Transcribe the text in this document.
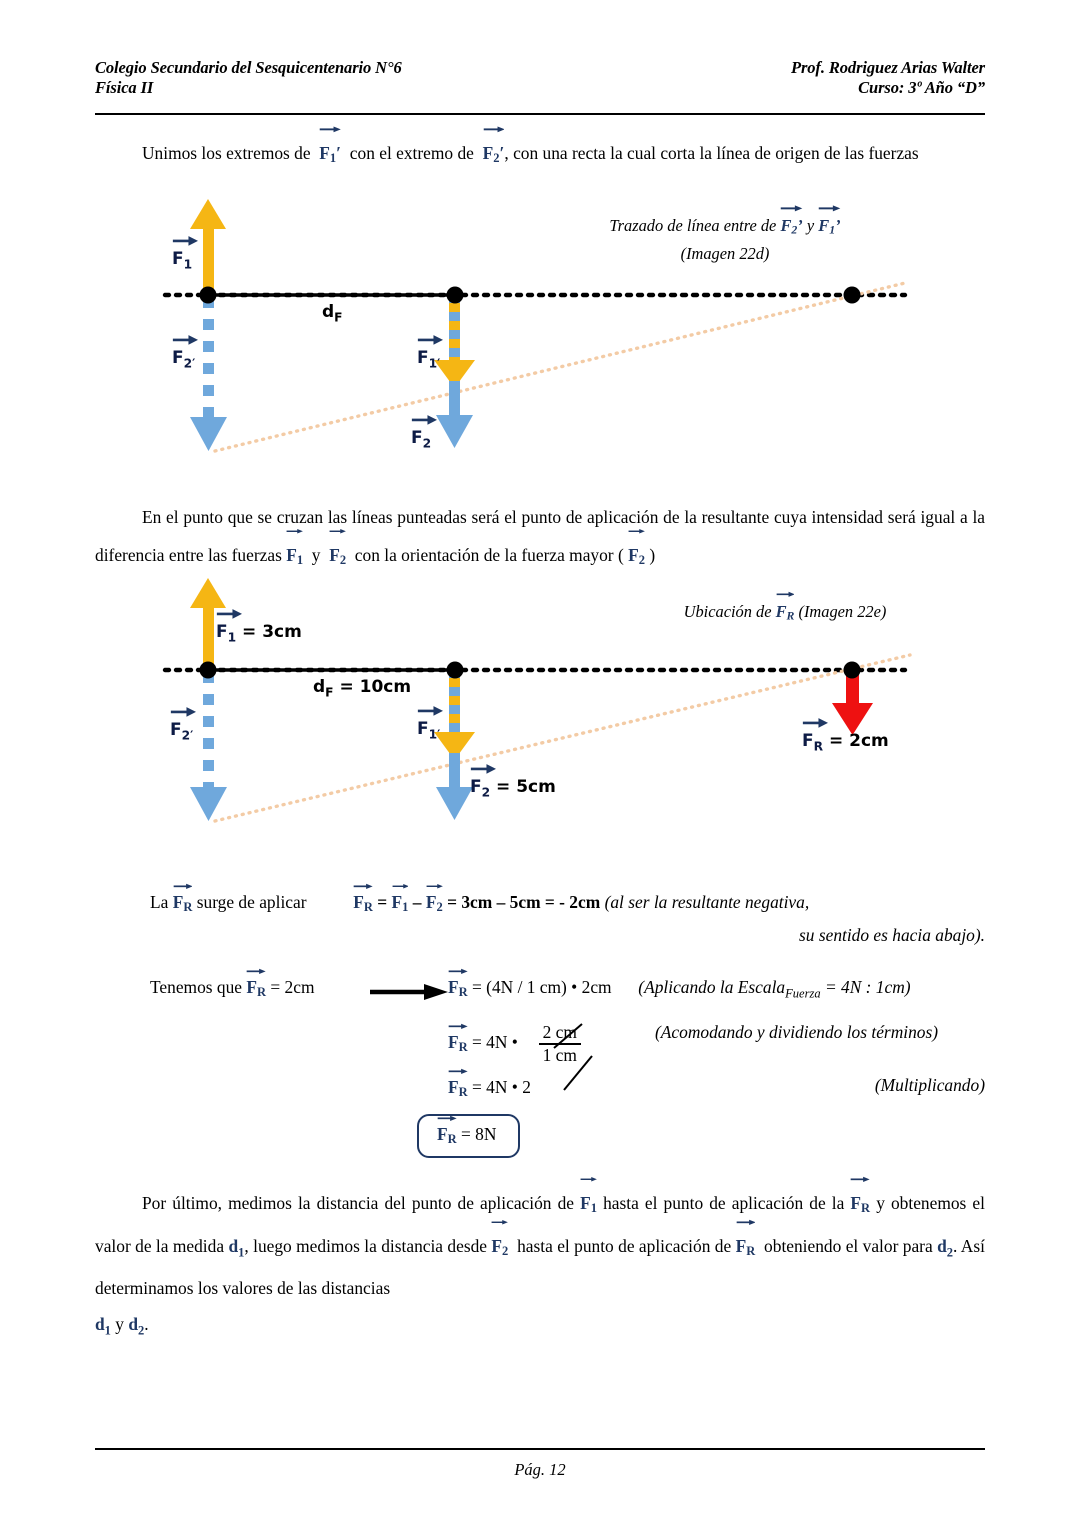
Colegio Secundario del Sesquicentenario N°6	Prof. Rodriguez Arias Walter
Física II	Curso: 3º Año “D”
Unimos los extremos de $F_1'$ con el extremo de $F_2'$, con una recta la cual corta la línea de origen de las fuerzas
$F_1$
$F_{2'}$	$F_{1'}$
$F_2$
$d_F$
Trazado de línea entre de $F_2$’ y $F_1$’
(Imagen 22d)
En el punto que se cruzan las líneas punteadas será el punto de aplicación de la resultante cuya intensidad será igual a la diferencia entre las fuerzas $F_1$ y $F_2$ con la orientación de la fuerza mayor ( $F_2$ )
$F_1 = 3cm$
$F_{2'}$	$F_{1'}$
$F_2 = 5cm$
$d_F = 10cm$
$F_R = 2cm$
Ubicación de $F_R$ (Imagen 22e)
La $F_R$ surge de aplicar	$F_R = F_1 - F_2 = 3cm - 5cm$ = - 2cm (al ser la resultante negativa,
su sentido es hacia abajo).
Tenemos que $F_R = 2cm$	$F_R = (4N / 1$ cm) • 2cm (Aplicando la Escala$_{Fuerza}$ = 4N : 1cm)
$F_R = 4N$ • $\frac{2 cm}{1 cm}$	(Acomodando y dividiendo los términos)
$F_R = 4N$ • 2	(Multiplicando)
$F_R = 8N$
Por último, medimos la distancia del punto de aplicación de $F_1$ hasta el punto de aplicación de la $F_R$ y obtenemos el valor de la medida $d_1$, luego medimos la distancia desde $F_2$ hasta el punto de aplicación de $F_R$ obteniendo el valor para $d_2$. Así determinamos los valores de las distancias
$d_1$ y $d_2$.
Pág. 12
